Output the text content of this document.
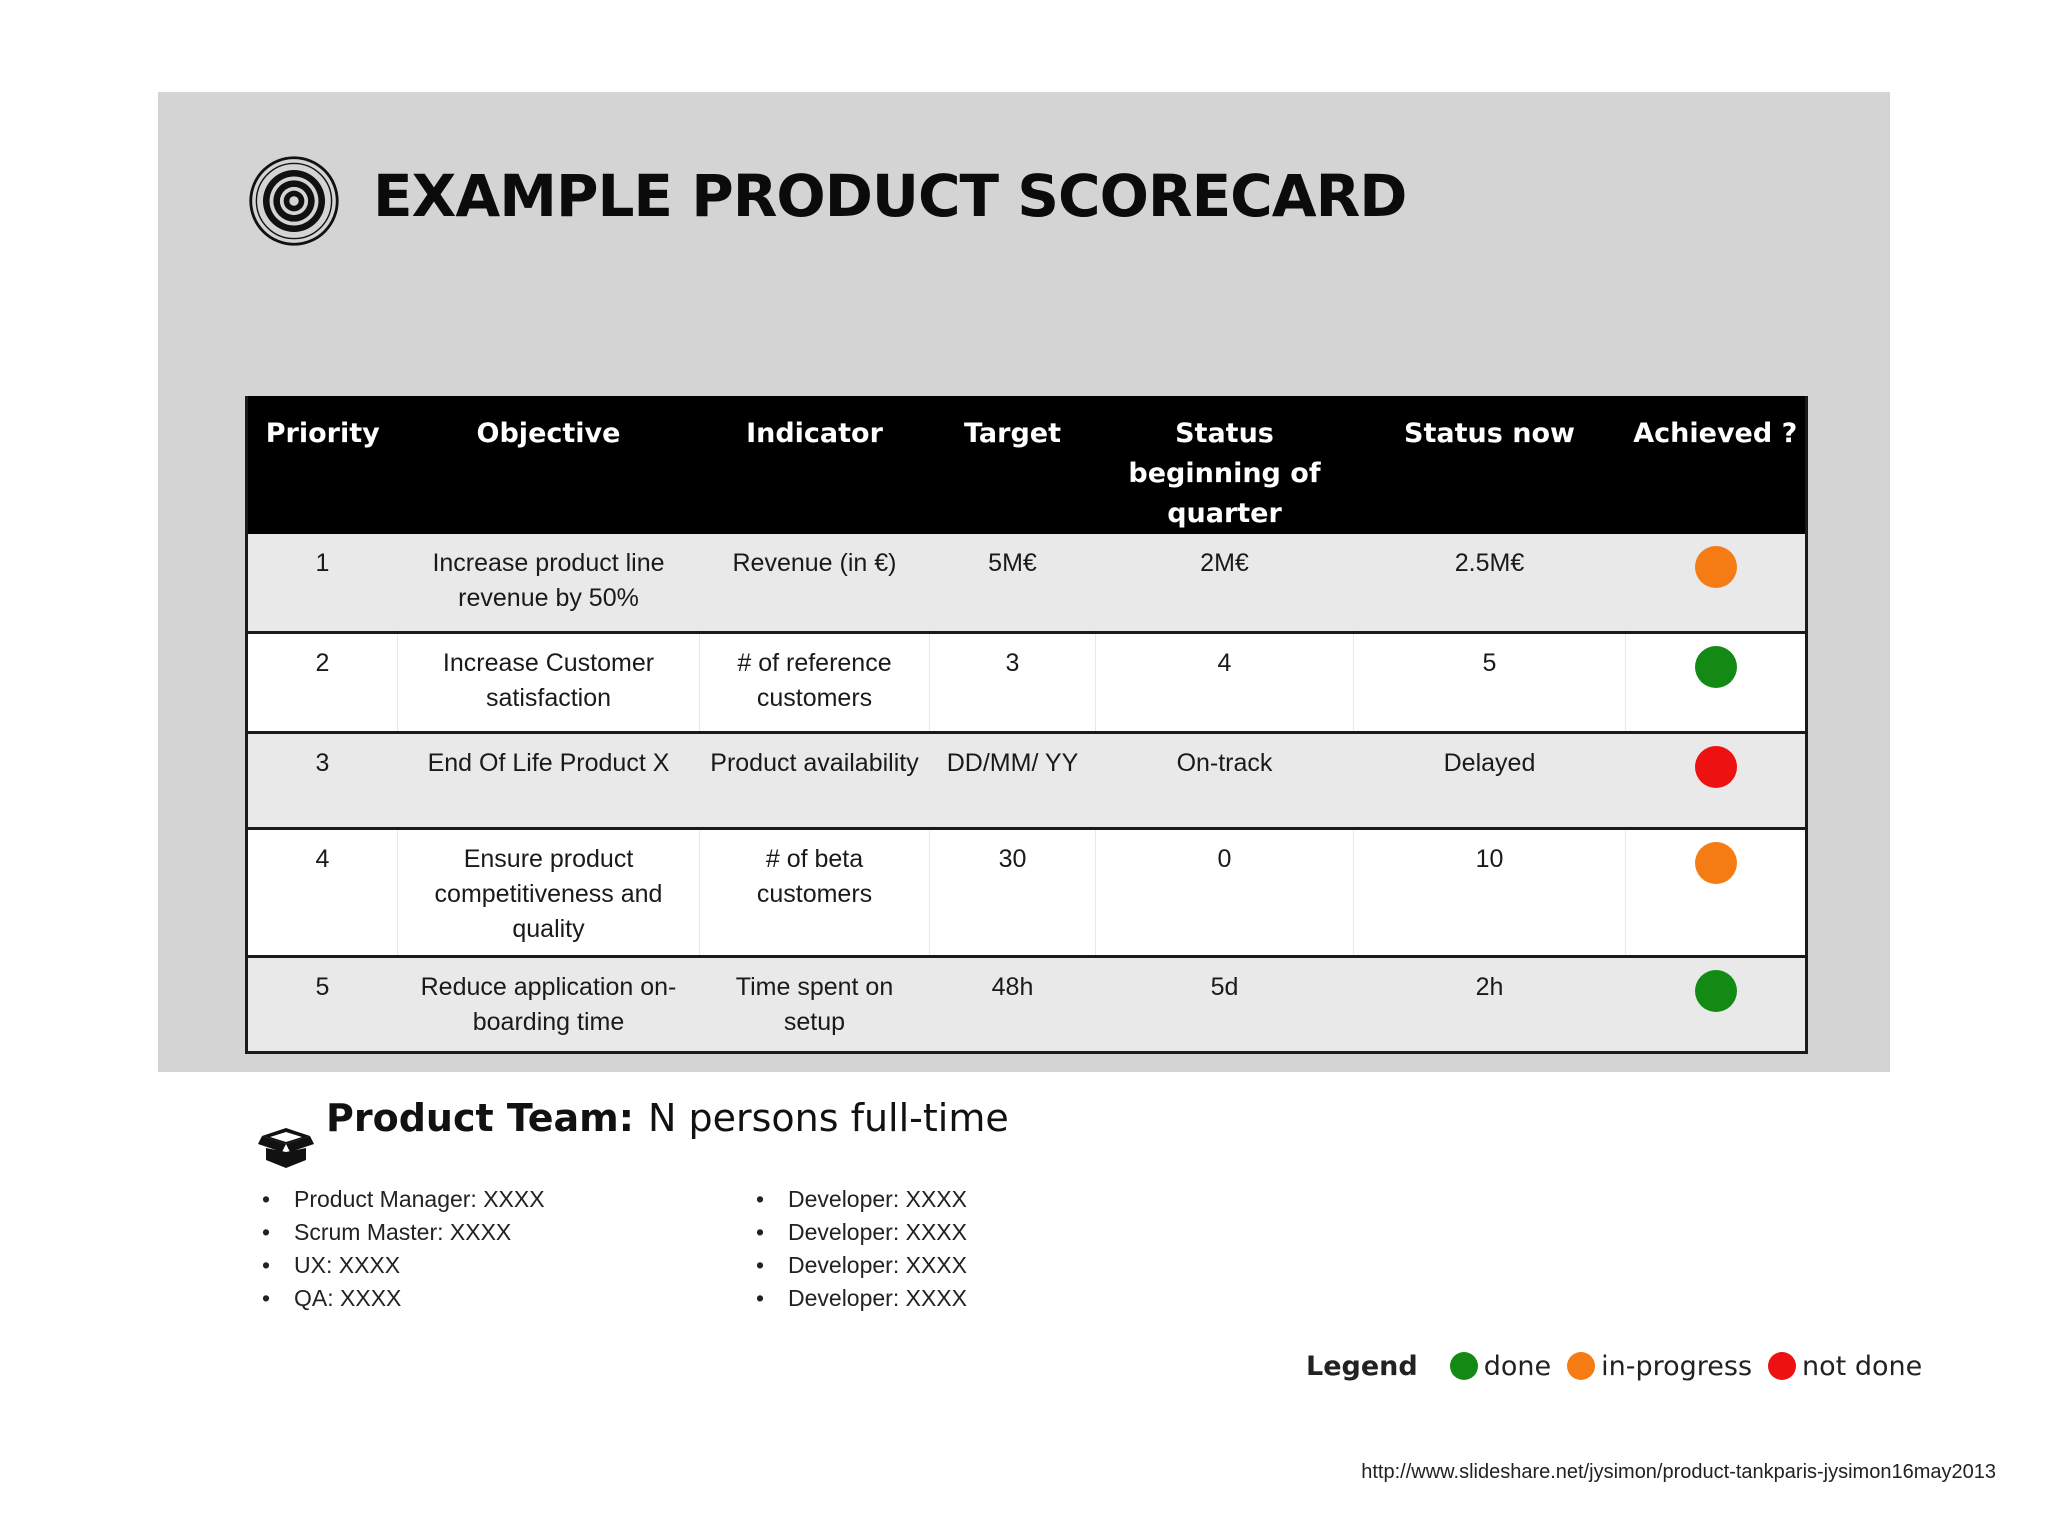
EXAMPLE PRODUCT SCORECARD
Priority	Objective	Indicator	Target	Status beginning of quarter	Status now	Achieved ?
1	Increase product line revenue by 50%	Revenue (in €)	5M€	2M€	2.5M€	
2	Increase Customer satisfaction	# of reference customers	3	4	5	
3	End Of Life Product X	Product availability	DD/MM/ YY	On-track	Delayed	
4	Ensure product competitiveness and quality	# of beta customers	30	0	10	
5	Reduce application on-boarding time	Time spent on setup	48h	5d	2h	
Product Team: N persons full-time
• Product Manager: XXXX
• Scrum Master: XXXX
• UX: XXXX
• QA: XXXX
• Developer: XXXX
• Developer: XXXX
• Developer: XXXX
• Developer: XXXX
Legend done in-progress not done
http://www.slideshare.net/jysimon/product-tankparis-jysimon16may2013
